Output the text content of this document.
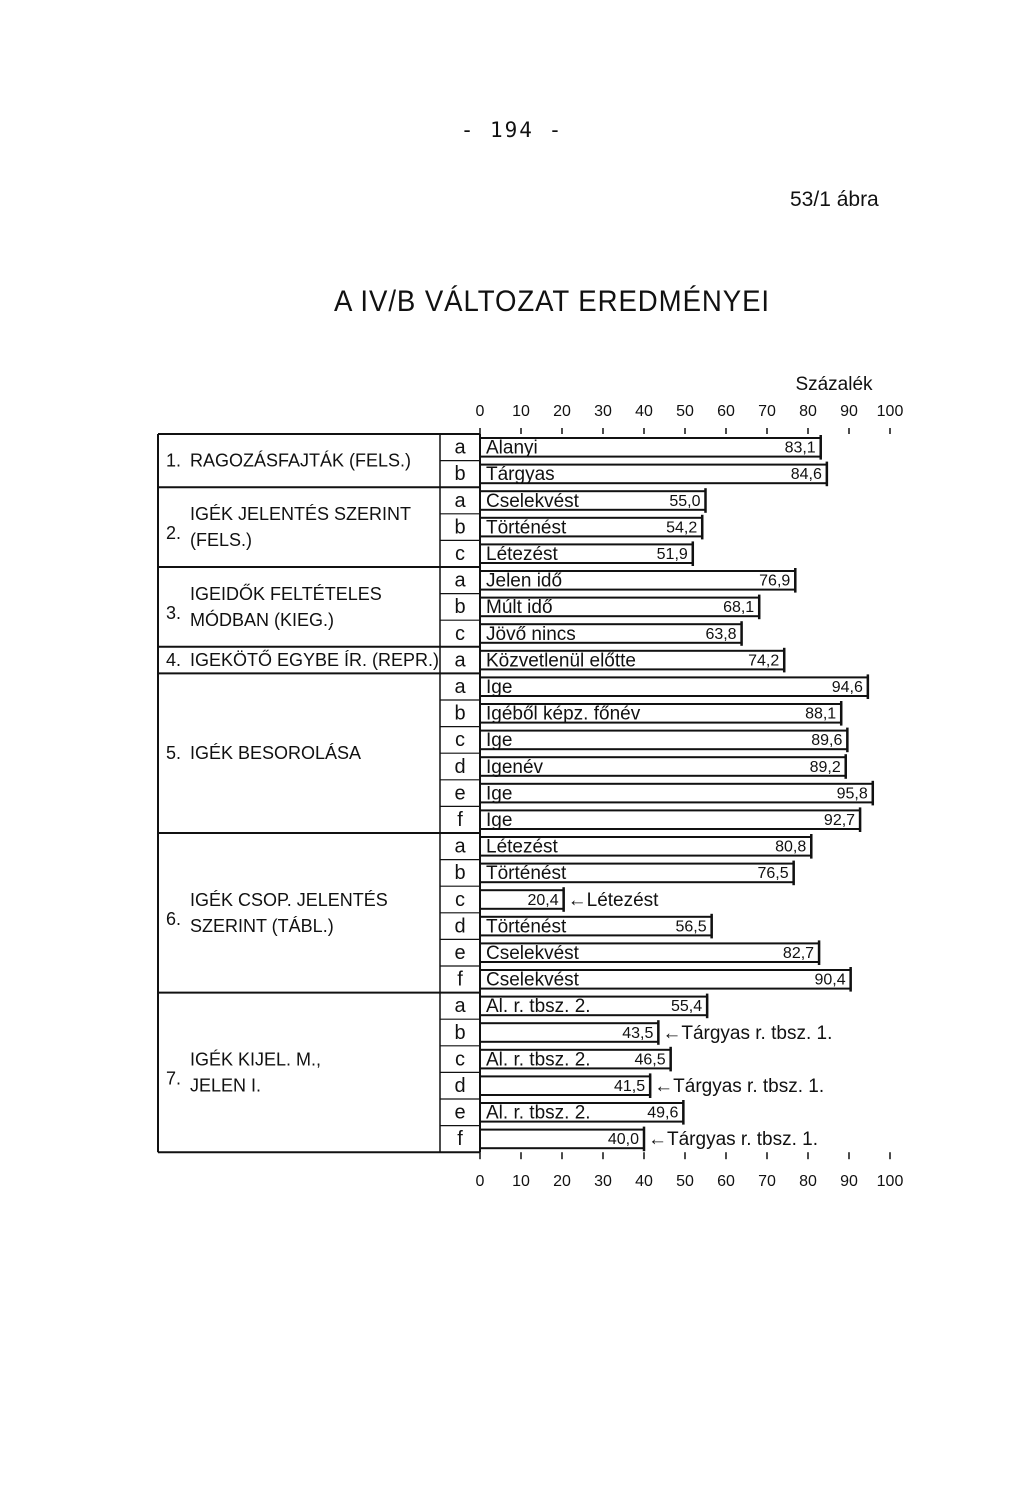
- 194 -
53/1 ábra
A IV/B VÁLTOZAT EREDMÉNYEI
Százalék
0
0
10
10
20
20
30
30
40
40
50
50
60
60
70
70
80
80
90
90
100
100
1. RAGOZÁSFAJTÁK (FELS.)
a Alanyi	83,1
b Tárgyas	84,6
2.
IGÉK JELENTÉS SZERINT
(FELS.)
a Cselekvést	55,0
b Történést	54,2
c Létezést	51,9
3.
IGEIDŐK FELTÉTELES
MÓDBAN (KIEG.)
a Jelen idő	76,9
b Múlt idő	68,1
c Jövő nincs	63,8
4. IGEKÖTŐ EGYBE ÍR. (REPR.) a Közvetlenül előtte	74,2
5. IGÉK BESOROLÁSA
a Ige	94,6
b Igéből képz. főnév	88,1
c Ige	89,6
d Igenév	89,2
e Ige	95,8
f Ige	92,7
6.
IGÉK CSOP. JELENTÉS
SZERINT (TÁBL.)
a Létezést	80,8
b Történést	76,5
c	20,4 ←Létezést
d Történést	56,5
e Cselekvést	82,7
f Cselekvést	90,4
7.
IGÉK KIJEL. M.,
JELEN I.
a Al. r. tbsz. 2.	55,4
b	43,5 ←Tárgyas r. tbsz. 1.
c Al. r. tbsz. 2.	46,5
d	41,5 ←Tárgyas r. tbsz. 1.
e Al. r. tbsz. 2.	49,6
f	40,0 ←Tárgyas r. tbsz. 1.
